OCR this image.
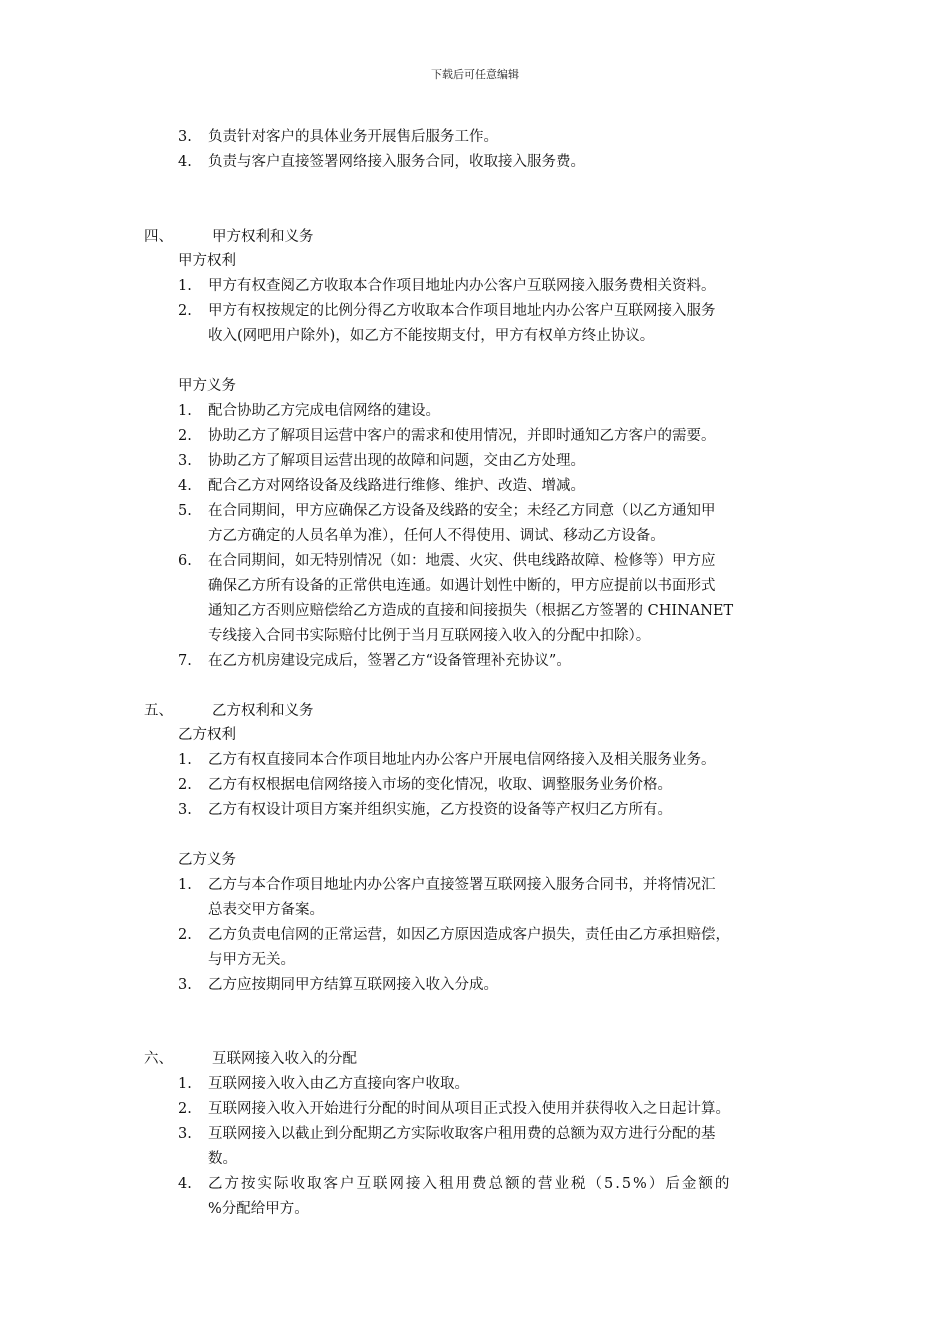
下载后可任意编辑
3. 负责针对客户的具体业务开展售后服务工作。
4. 负责与客户直接签署网络接入服务合同，收取接入服务费。
四、	甲方权利和义务
甲方权利
1. 甲方有权查阅乙方收取本合作项目地址内办公客户互联网接入服务费相关资料。
2. 甲方有权按规定的比例分得乙方收取本合作项目地址内办公客户互联网接入服务
收入(网吧用户除外)，如乙方不能按期支付，甲方有权单方终止协议。
甲方义务
1. 配合协助乙方完成电信网络的建设。
2. 协助乙方了解项目运营中客户的需求和使用情况，并即时通知乙方客户的需要。
3. 协助乙方了解项目运营出现的故障和问题，交由乙方处理。
4. 配合乙方对网络设备及线路进行维修、维护、改造、增减。
5. 在合同期间，甲方应确保乙方设备及线路的安全；未经乙方同意（以乙方通知甲
方乙方确定的人员名单为准），任何人不得使用、调试、移动乙方设备。
6. 在合同期间，如无特别情况（如：地震、火灾、供电线路故障、检修等）甲方应
确保乙方所有设备的正常供电连通。如遇计划性中断的，甲方应提前以书面形式
通知乙方否则应赔偿给乙方造成的直接和间接损失（根据乙方签署的 CHINANET
专线接入合同书实际赔付比例于当月互联网接入收入的分配中扣除）。
7. 在乙方机房建设完成后，签署乙方“设备管理补充协议”。
五、	乙方权利和义务
乙方权利
1. 乙方有权直接同本合作项目地址内办公客户开展电信网络接入及相关服务业务。
2. 乙方有权根据电信网络接入市场的变化情况，收取、调整服务业务价格。
3. 乙方有权设计项目方案并组织实施，乙方投资的设备等产权归乙方所有。
乙方义务
1. 乙方与本合作项目地址内办公客户直接签署互联网接入服务合同书，并将情况汇
总表交甲方备案。
2. 乙方负责电信网的正常运营，如因乙方原因造成客户损失，责任由乙方承担赔偿，
与甲方无关。
3. 乙方应按期同甲方结算互联网接入收入分成。
六、	互联网接入收入的分配
1. 互联网接入收入由乙方直接向客户收取。
2. 互联网接入收入开始进行分配的时间从项目正式投入使用并获得收入之日起计算。
3. 互联网接入以截止到分配期乙方实际收取客户租用费的总额为双方进行分配的基
数。
4. 乙方按实际收取客户互联网接入租用费总额的营业税（5.5%）后金额的
%分配给甲方。
